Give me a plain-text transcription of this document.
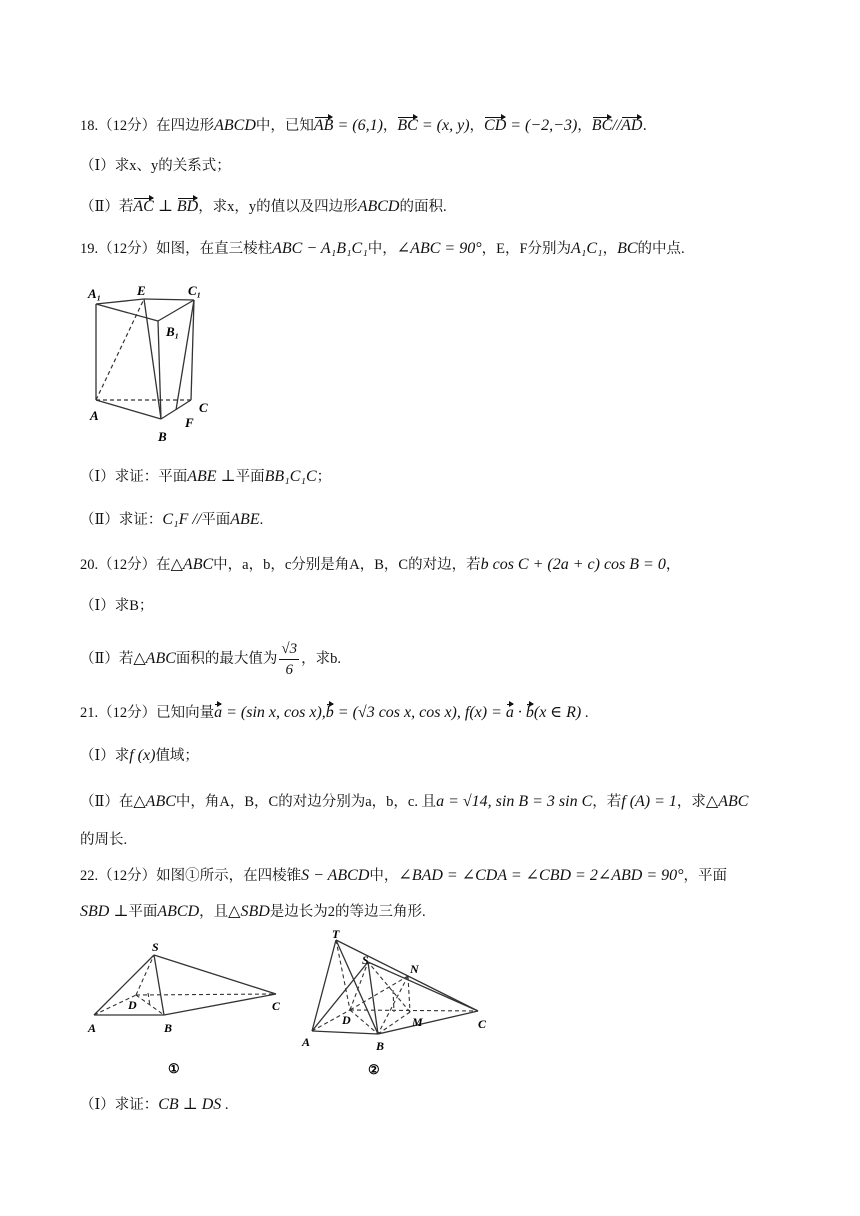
18.（12分）在四边形ABCD中，已知AB = (6,1)，BC = (x, y)，CD = (−2,−3)，BC//AD．
（Ⅰ）求x、y的关系式；
（Ⅱ）若AC ⊥ BD，求x，y的值以及四边形ABCD的面积.
19.（12分）如图，在直三棱柱ABC − A₁B₁C₁中，∠ABC = 90°，E，F分别为A₁C₁，BC的中点.
A₁	E	C₁
B₁
A
C
F
B
（Ⅰ）求证：平面ABE ⊥平面BB₁C₁C；
（Ⅱ）求证：C₁F //平面ABE.
20.（12分）在△ABC中，a，b，c分别是角A，B，C的对边，若b cos C + (2a + c) cos B = 0，
（Ⅰ）求B；
（Ⅱ）若△ABC面积的最大值为 $\frac{√3}{6}$ ，求b.
21.（12分）已知向量a = (sin x, cos x),b = (√3 cos x, cos x), f(x) = a · b(x ∈ R) .
（Ⅰ）求f (x)值域；
（Ⅱ）在△ABC中，角A，B，C的对边分别为a，b，c. 且a = √14, sin B = 3 sin C，若f (A) = 1，求△ABC
的周长.
22.（12分）如图①所示，在四棱锥S − ABCD中，∠BAD = ∠CDA = ∠CBD = 2∠ABD = 90°，平面
SBD ⊥平面ABCD，且△SBD是边长为2的等边三角形.
S
D
A	B
C
①
T
S
N
D	M
A	B
C
②
（Ⅰ）求证：CB ⊥ DS .
